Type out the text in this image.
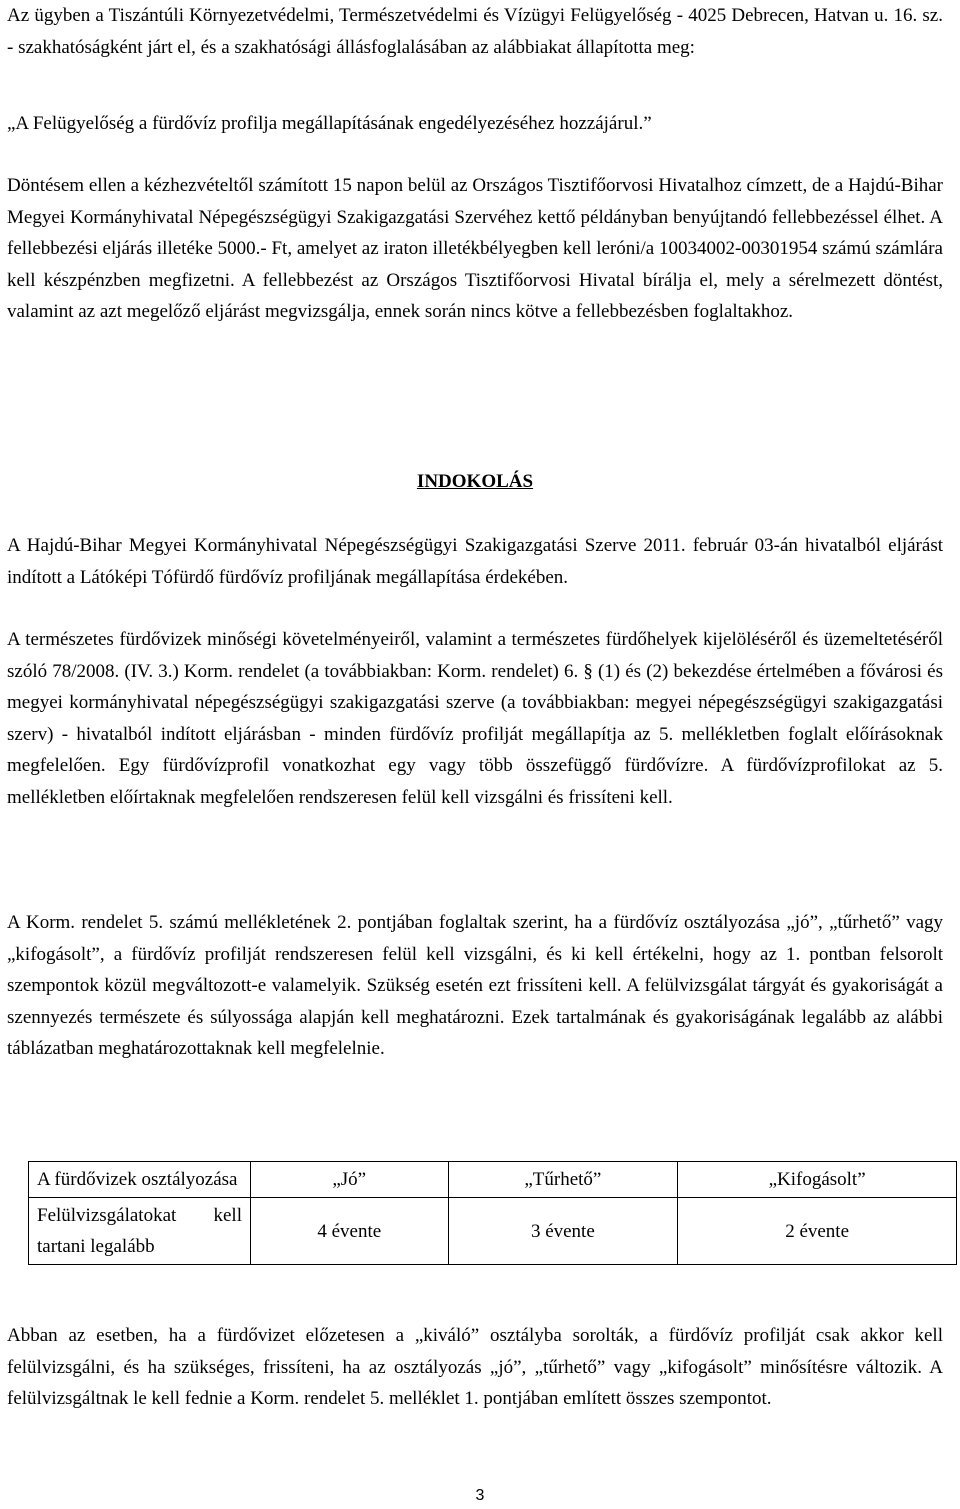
Az ügyben a Tiszántúli Környezetvédelmi, Természetvédelmi és Vízügyi Felügyelőség - 4025 Debrecen, Hatvan u. 16. sz. - szakhatóságként járt el, és a szakhatósági állásfoglalásában az alábbiakat állapította meg:

„A Felügyelőség a fürdővíz profilja megállapításának engedélyezéséhez hozzájárul.”

Döntésem ellen a kézhezvételtől számított 15 napon belül az Országos Tisztifőorvosi Hivatalhoz címzett, de a Hajdú-Bihar Megyei Kormányhivatal Népegészségügyi Szakigazgatási Szervéhez kettő példányban benyújtandó fellebbezéssel élhet. A fellebbezési eljárás illetéke 5000.- Ft, amelyet az iraton illetékbélyegben kell leróni/a 10034002-00301954 számú számlára kell készpénzben megfizetni. A fellebbezést az Országos Tisztifőorvosi Hivatal bírálja el, mely a sérelmezett döntést, valamint az azt megelőző eljárást megvizsgálja, ennek során nincs kötve a fellebbezésben foglaltakhoz.

INDOKOLÁS

A Hajdú-Bihar Megyei Kormányhivatal Népegészségügyi Szakigazgatási Szerve 2011. február 03-án hivatalból eljárást indított a Látóképi Tófürdő fürdővíz profiljának megállapítása érdekében.

A természetes fürdővizek minőségi követelményeiről, valamint a természetes fürdőhelyek kijelöléséről és üzemeltetéséről szóló 78/2008. (IV. 3.) Korm. rendelet (a továbbiakban: Korm. rendelet) 6. § (1) és (2) bekezdése értelmében a fővárosi és megyei kormányhivatal népegészségügyi szakigazgatási szerve (a továbbiakban: megyei népegészségügyi szakigazgatási szerv) - hivatalból indított eljárásban - minden fürdővíz profilját megállapítja az 5. mellékletben foglalt előírásoknak megfelelően. Egy fürdővízprofil vonatkozhat egy vagy több összefüggő fürdővízre. A fürdővízprofilokat az 5. mellékletben előírtaknak megfelelően rendszeresen felül kell vizsgálni és frissíteni kell.

A Korm. rendelet 5. számú mellékletének 2. pontjában foglaltak szerint, ha a fürdővíz osztályozása „jó”, „tűrhető” vagy „kifogásolt”, a fürdővíz profilját rendszeresen felül kell vizsgálni, és ki kell értékelni, hogy az 1. pontban felsorolt szempontok közül megváltozott-e valamelyik. Szükség esetén ezt frissíteni kell. A felülvizsgálat tárgyát és gyakoriságát a szennyezés természete és súlyossága alapján kell meghatározni. Ezek tartalmának és gyakoriságának legalább az alábbi táblázatban meghatározottaknak kell megfelelnie.

Abban az esetben, ha a fürdővizet előzetesen a „kiváló” osztályba sorolták, a fürdővíz profilját csak akkor kell felülvizsgálni, és ha szükséges, frissíteni, ha az osztályozás „jó”, „tűrhető” vagy „kifogásolt” minősítésre változik. A felülvizsgáltnak le kell fednie a Korm. rendelet 5. melléklet 1. pontjában említett összes szempontot.

A fürdővizek osztályozása	„Jó”	„Tűrhető”	„Kifogásolt”
Felülvizsgálatokat kell tartani legalább	4 évente	3 évente	2 évente
3
